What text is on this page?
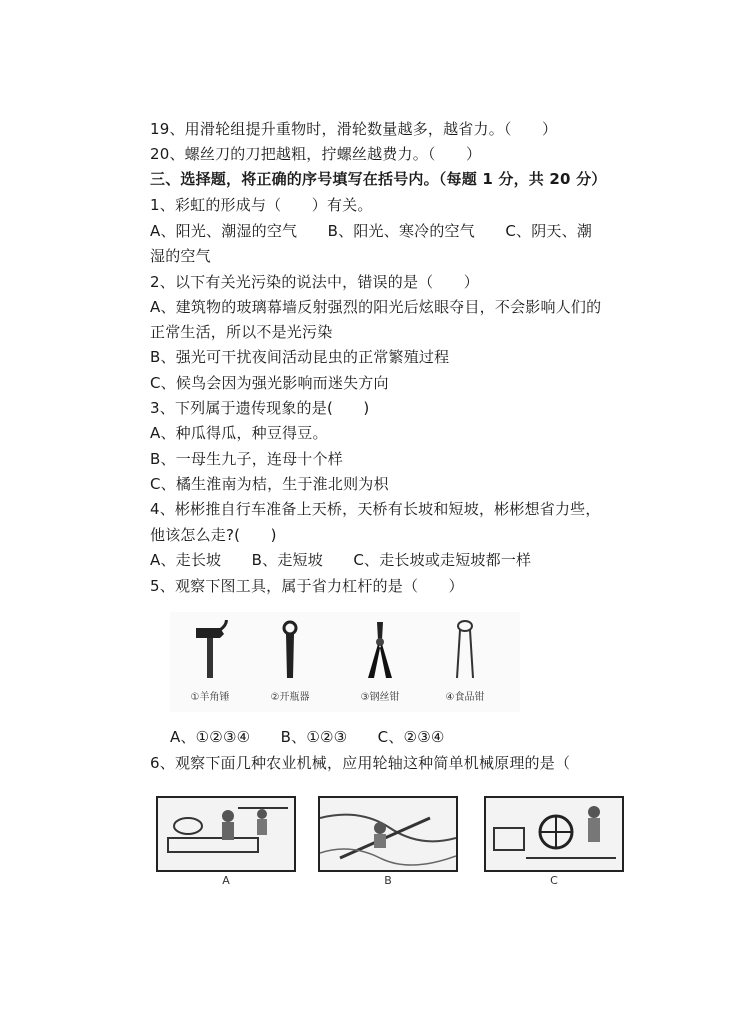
19、用滑轮组提升重物时，滑轮数量越多，越省力。（　　）
20、螺丝刀的刀把越粗，拧螺丝越费力。（　　）
三、选择题，将正确的序号填写在括号内。（每题 1 分，共 20 分）
1、彩虹的形成与（　　）有关。
A、阳光、潮湿的空气　　B、阳光、寒冷的空气　　C、阴天、潮
湿的空气
2、以下有关光污染的说法中，错误的是（　　）
A、建筑物的玻璃幕墙反射强烈的阳光后炫眼夺目，不会影响人们的
正常生活，所以不是光污染
B、强光可干扰夜间活动昆虫的正常繁殖过程
C、候鸟会因为强光影响而迷失方向
3、下列属于遗传现象的是(　　)
A、种瓜得瓜，种豆得豆。
B、一母生九子，连母十个样
C、橘生淮南为桔，生于淮北则为枳
4、彬彬推自行车准备上天桥，天桥有长坡和短坡，彬彬想省力些，
他该怎么走?(　　)
A、走长坡　　B、走短坡　　C、走长坡或走短坡都一样
5、观察下图工具，属于省力杠杆的是（　　）
①羊角锤	②开瓶器	③钢丝钳	④食品钳
A、①②③④　　B、①②③　　C、②③④
6、观察下面几种农业机械，应用轮轴这种简单机械原理的是（
A	B	C
